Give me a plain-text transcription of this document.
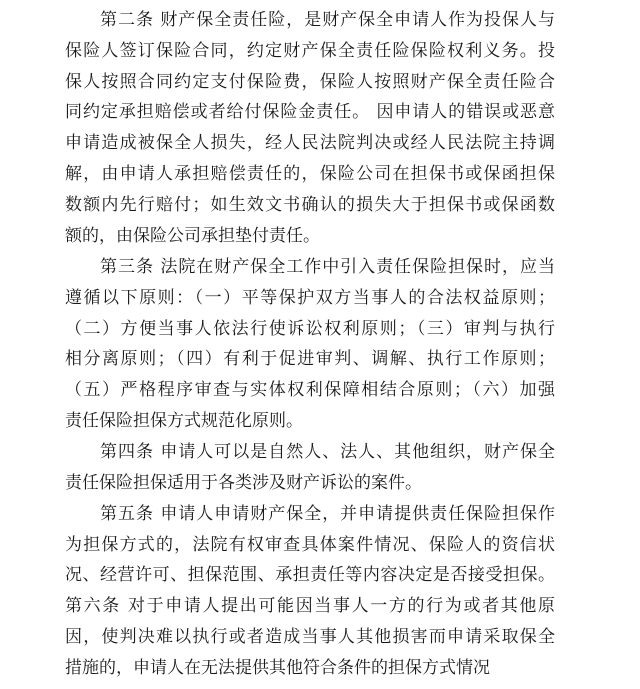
第二条 财产保全责任险，是财产保全申请人作为投保人与
保险人签订保险合同，约定财产保全责任险保险权利义务。投
保人按照合同约定支付保险费，保险人按照财产保全责任险合
同约定承担赔偿或者给付保险金责任。 因申请人的错误或恶意
申请造成被保全人损失，经人民法院判决或经人民法院主持调
解，由申请人承担赔偿责任的，保险公司在担保书或保函担保
数额内先行赔付；如生效文书确认的损失大于担保书或保函数
额的，由保险公司承担垫付责任。
第三条 法院在财产保全工作中引入责任保险担保时，应当
遵循以下原则：（一）平等保护双方当事人的合法权益原则；
（二）方便当事人依法行使诉讼权利原则；（三）审判与执行
相分离原则；（四）有利于促进审判、调解、执行工作原则；
（五）严格程序审查与实体权利保障相结合原则；（六）加强
责任保险担保方式规范化原则。
第四条 申请人可以是自然人、法人、其他组织，财产保全
责任保险担保适用于各类涉及财产诉讼的案件。
第五条 申请人申请财产保全，并申请提供责任保险担保作
为担保方式的，法院有权审查具体案件情况、保险人的资信状
况、经营许可、担保范围、承担责任等内容决定是否接受担保。
第六条 对于申请人提出可能因当事人一方的行为或者其他原
因，使判决难以执行或者造成当事人其他损害而申请采取保全
措施的，申请人在无法提供其他符合条件的担保方式情况
